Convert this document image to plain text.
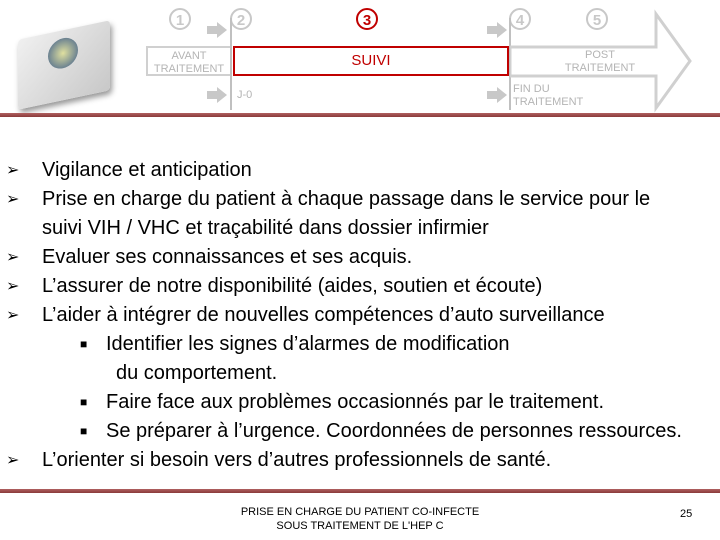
1	2	3	4	5
AVANT TRAITEMENT	SUIVI	POST TRAITEMENT
J-0	FIN DU TRAITEMENT
➢ Vigilance et anticipation
➢ Prise en charge du patient à chaque passage dans le service pour le
suivi VIH / VHC et traçabilité dans dossier infirmier
➢ Evaluer ses connaissances et ses acquis.
➢ L’assurer de notre disponibilité (aides, soutien et écoute)
➢ L’aider à intégrer de nouvelles compétences d’auto surveillance
■ Identifier les signes d’alarmes de modification
du comportement.
■ Faire face aux problèmes occasionnés par le traitement.
■ Se préparer à l’urgence. Coordonnées de personnes ressources.
➢ L’orienter si besoin vers d’autres professionnels de santé.
PRISE EN CHARGE DU PATIENT CO-INFECTE
SOUS TRAITEMENT DE L'HEP C
25
